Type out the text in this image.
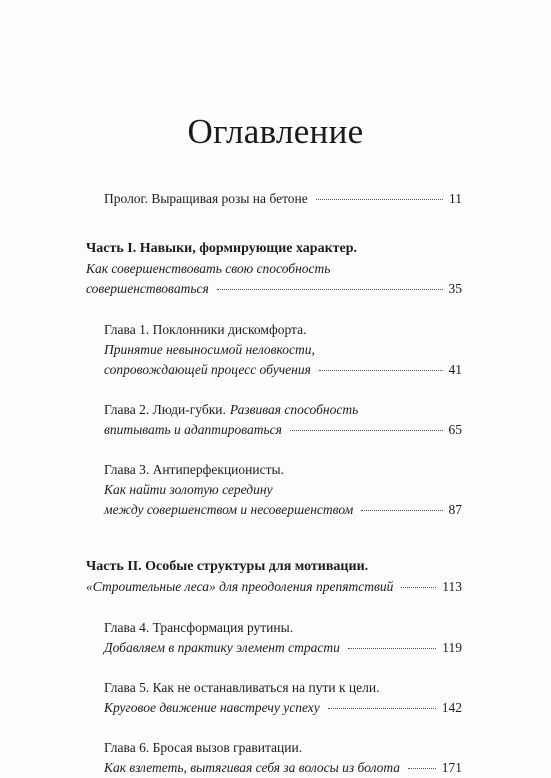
Оглавление
Пролог. Выращивая розы на бетоне	11
Часть I. Навыки, формирующие характер.
Как совершенствовать свою способность
совершенствоваться	35
Глава 1. Поклонники дискомфорта.
Принятие невыносимой неловкости,
сопровождающей процесс обучения	41
Глава 2. Люди-губки. Развивая способность
впитывать и адаптироваться	65
Глава 3. Антиперфекционисты.
Как найти золотую середину
между совершенством и несовершенством	87
Часть II. Особые структуры для мотивации.
«Строительные леса» для преодоления препятствий	113
Глава 4. Трансформация рутины.
Добавляем в практику элемент страсти	119
Глава 5. Как не останавливаться на пути к цели.
Круговое движение навстречу успеху	142
Глава 6. Бросая вызов гравитации.
Как взлететь, вытягивая себя за волосы из болота	171
